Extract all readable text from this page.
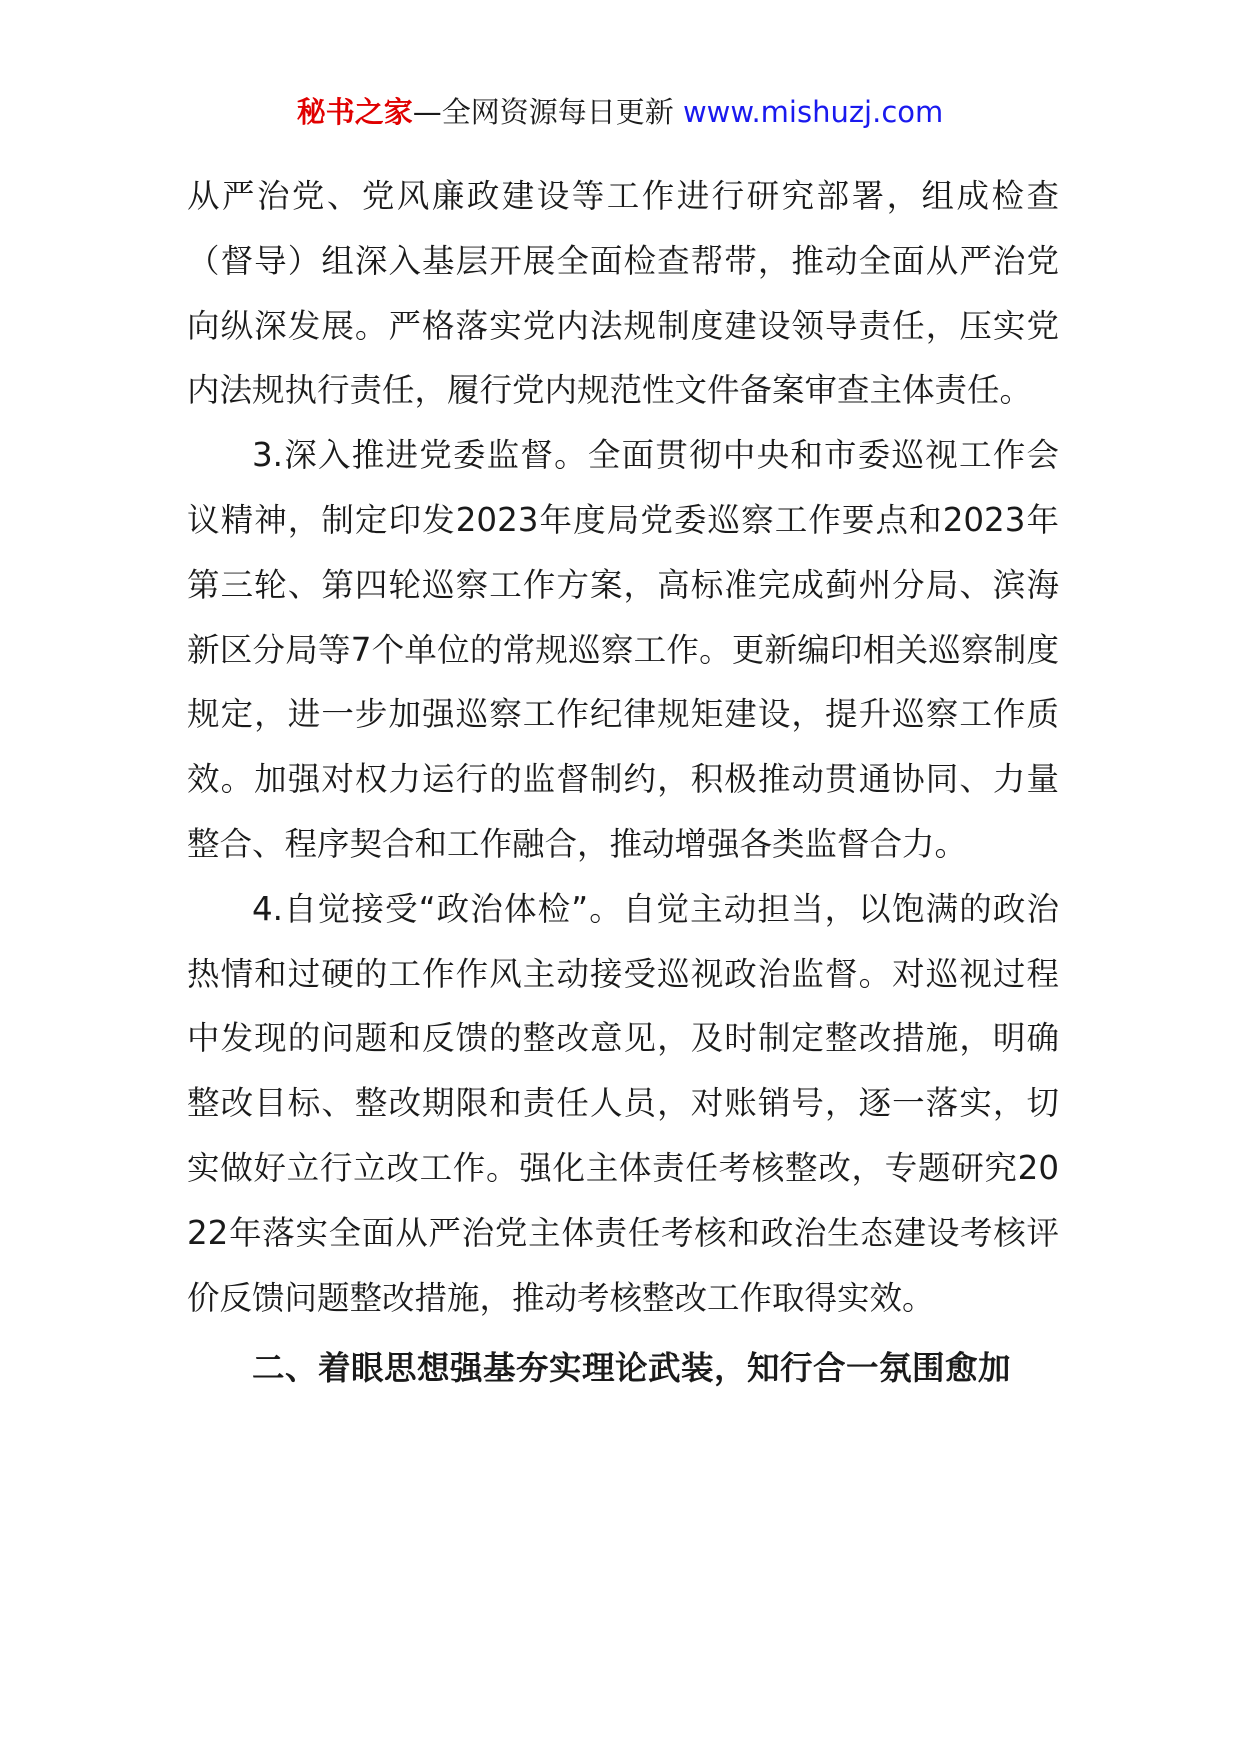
秘书之家—全网资源每日更新 www.mishuzj.com

从严治党、党风廉政建设等工作进行研究部署，组成检查（督导）组深入基层开展全面检查帮带，推动全面从严治党向纵深发展。严格落实党内法规制度建设领导责任，压实党内法规执行责任，履行党内规范性文件备案审查主体责任。

3.深入推进党委监督。全面贯彻中央和市委巡视工作会议精神，制定印发2023年度局党委巡察工作要点和2023年第三轮、第四轮巡察工作方案，高标准完成蓟州分局、滨海新区分局等7个单位的常规巡察工作。更新编印相关巡察制度规定，进一步加强巡察工作纪律规矩建设，提升巡察工作质效。加强对权力运行的监督制约，积极推动贯通协同、力量整合、程序契合和工作融合，推动增强各类监督合力。

4.自觉接受“政治体检”。自觉主动担当，以饱满的政治热情和过硬的工作作风主动接受巡视政治监督。对巡视过程中发现的问题和反馈的整改意见，及时制定整改措施，明确整改目标、整改期限和责任人员，对账销号，逐一落实，切实做好立行立改工作。强化主体责任考核整改，专题研究2022年落实全面从严治党主体责任考核和政治生态建设考核评价反馈问题整改措施，推动考核整改工作取得实效。

二、着眼思想强基夯实理论武装，知行合一氛围愈加
